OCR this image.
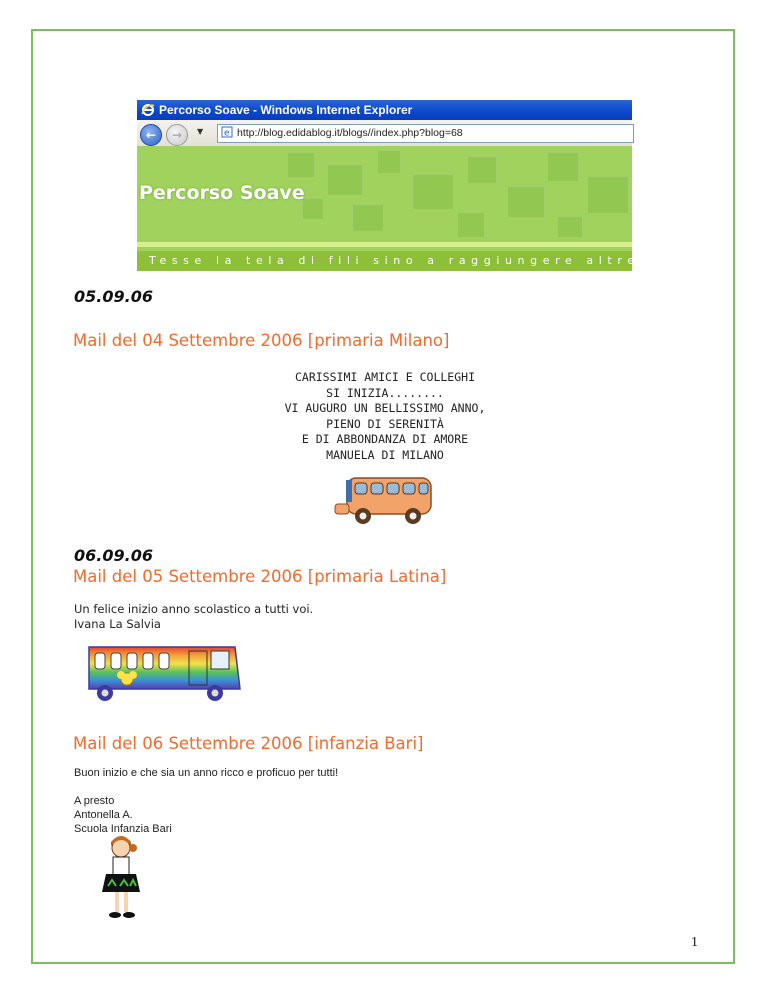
Percorso Soave - Windows Internet Explorer
←	→	▼ e http://blog.edidablog.it/blogs//index.php?blog=68
Percorso Soave
Tesse la tela di fili sino a raggiungere altre scuole
05.09.06
Mail del 04 Settembre 2006 [primaria Milano]
CARISSIMI AMICI E COLLEGHI
SI INIZIA........
VI AUGURO UN BELLISSIMO ANNO,
PIENO DI SERENITÀ
E DI ABBONDANZA DI AMORE
MANUELA DI MILANO
06.09.06
Mail del 05 Settembre 2006 [primaria Latina]
Un felice inizio anno scolastico a tutti voi.
Ivana La Salvia
Mail del 06 Settembre 2006 [infanzia Bari]
Buon inizio e che sia un anno ricco e proficuo per tutti!
A presto
Antonella A.
Scuola Infanzia Bari
1
